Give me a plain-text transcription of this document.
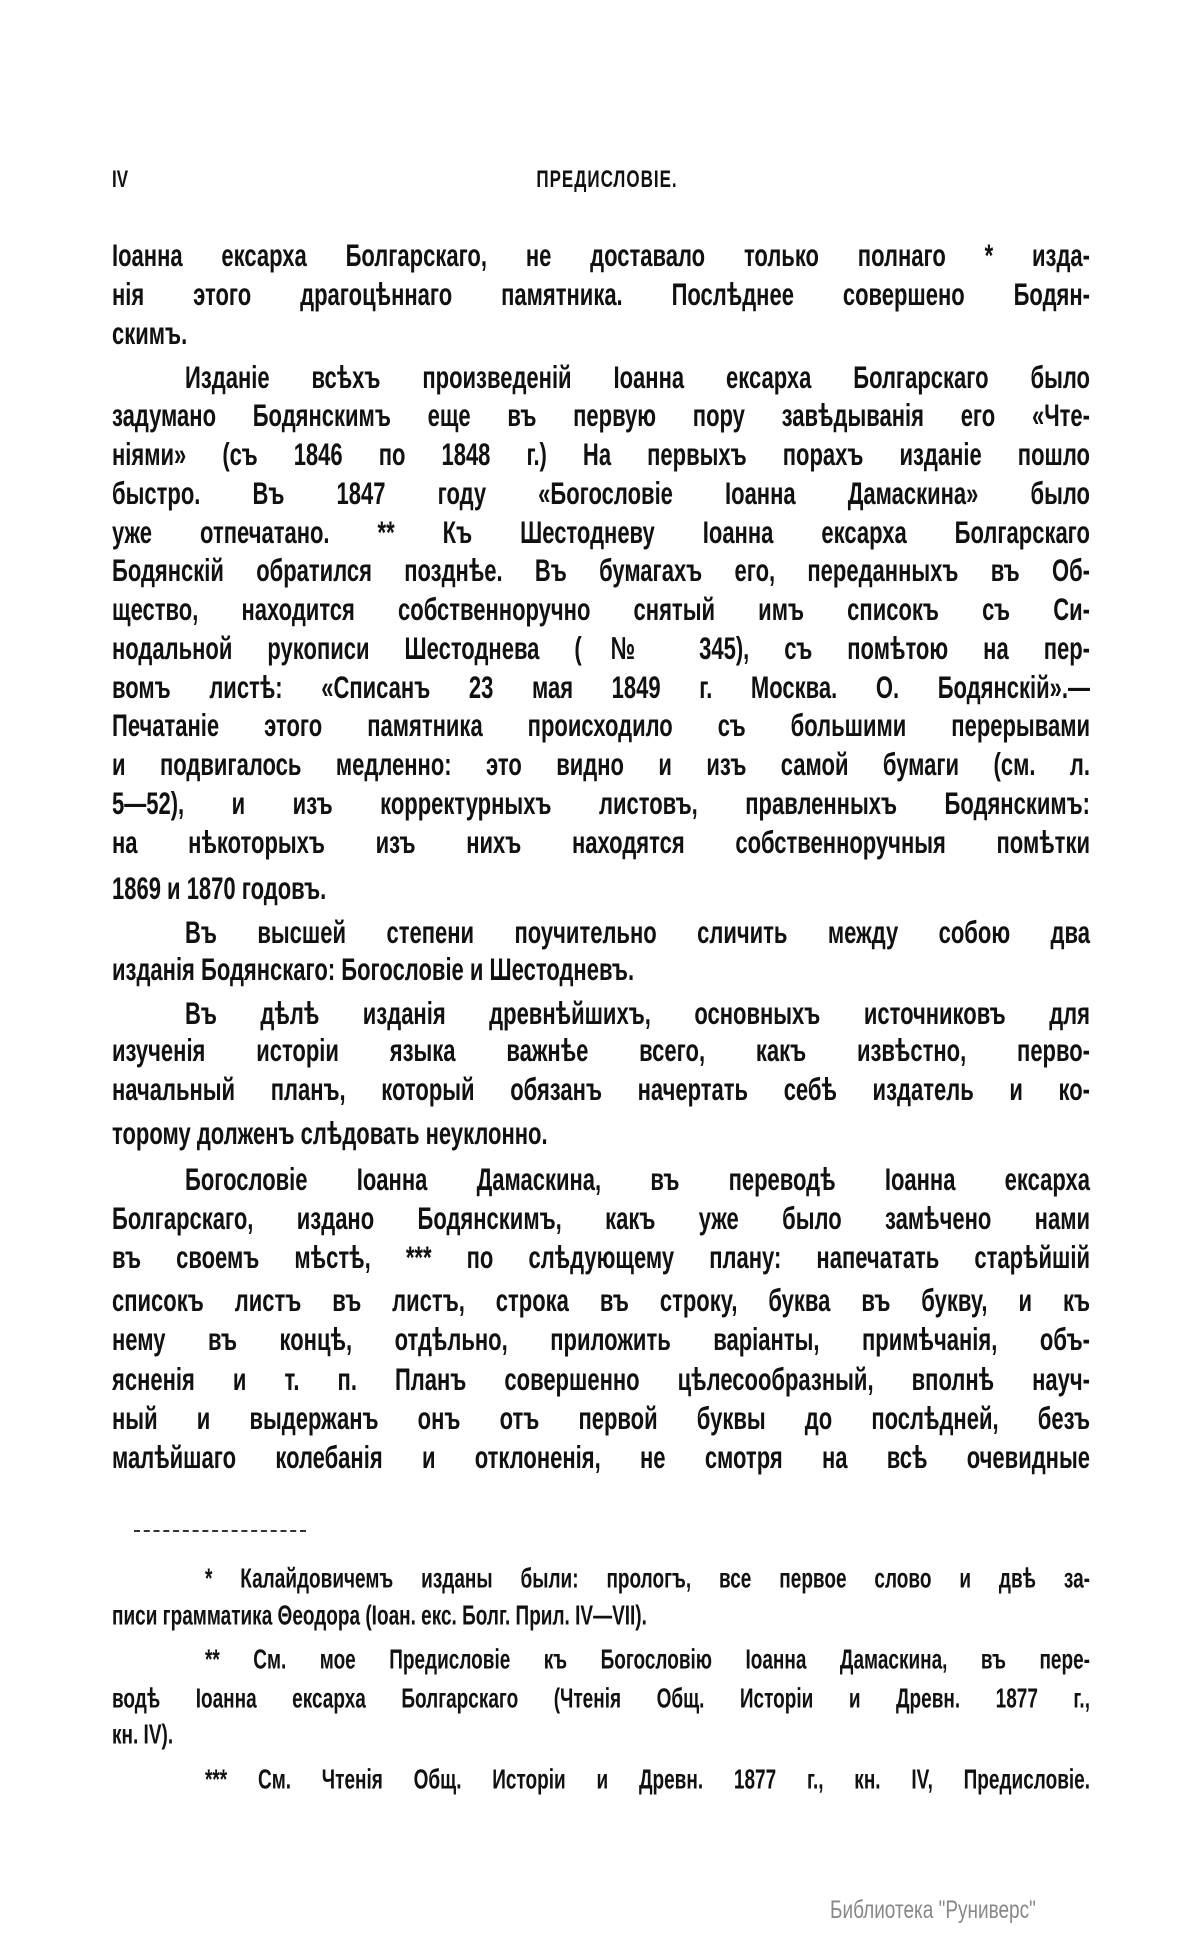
IV	ПРЕДИСЛОВІЕ.
Іоанна ексарха Болгарскаго, не доставало только полнаго * изда-
нія этого драгоцѣннаго памятника. Послѣднее совершено Бодян-
скимъ.
Изданіе всѣхъ произведеній Іоанна ексарха Болгарскаго было
задумано Бодянскимъ еще въ первую пору завѣдыванія его «Чте-
ніями» (съ 1846 по 1848 г.) На первыхъ порахъ изданіе пошло
быстро. Въ 1847 году «Богословіе Іоанна Дамаскина» было
уже отпечатано. ** Къ Шестодневу Іоанна ексарха Болгарскаго
Бодянскій обратился позднѣе. Въ бумагахъ его, переданныхъ въ Об-
щество, находится собственноручно снятый имъ списокъ съ Си-
нодальной рукописи Шестоднева (№ 345), съ помѣтою на пер-
вомъ листѣ: «Списанъ 23 мая 1849 г. Москва. О. Бодянскій».—
Печатаніе этого памятника происходило съ большими перерывами
и подвигалось медленно: это видно и изъ самой бумаги (см. л.
5—52), и изъ корректурныхъ листовъ, правленныхъ Бодянскимъ:
на нѣкоторыхъ изъ нихъ находятся собственноручныя помѣтки
1869 и 1870 годовъ.
Въ высшей степени поучительно сличить между собою два
изданія Бодянскаго: Богословіе и Шестодневъ.
Въ дѣлѣ изданія древнѣйшихъ, основныхъ источниковъ для
изученія исторіи языка важнѣе всего, какъ извѣстно, перво-
начальный планъ, который обязанъ начертать себѣ издатель и ко-
торому долженъ слѣдовать неуклонно.
Богословіе Іоанна Дамаскина, въ переводѣ Іоанна ексарха
Болгарскаго, издано Бодянскимъ, какъ уже было замѣчено нами
въ своемъ мѣстѣ, *** по слѣдующему плану: напечатать старѣйшій
списокъ листъ въ листъ, строка въ строку, буква въ букву, и къ
нему въ концѣ, отдѣльно, приложить варіанты, примѣчанія, объ-
ясненія и т. п. Планъ совершенно цѣлесообразный, вполнѣ науч-
ный и выдержанъ онъ отъ первой буквы до послѣдней, безъ
малѣйшаго колебанія и отклоненія, не смотря на всѣ очевидные
* Калайдовичемъ изданы были: прологъ, все первое слово и двѣ за-
писи грамматика Θеодора (Іоан. екс. Болг. Прил. IV—VII).
** См. мое Предисловіе къ Богословію Іоанна Дамаскина, въ пере-
водѣ Іоанна ексарха Болгарскаго (Чтенія Общ. Исторіи и Древн. 1877 г.,
кн. IV).
*** См. Чтенія Общ. Исторіи и Древн. 1877 г., кн. IV, Предисловіе.
Библиотека "Руниверс"
